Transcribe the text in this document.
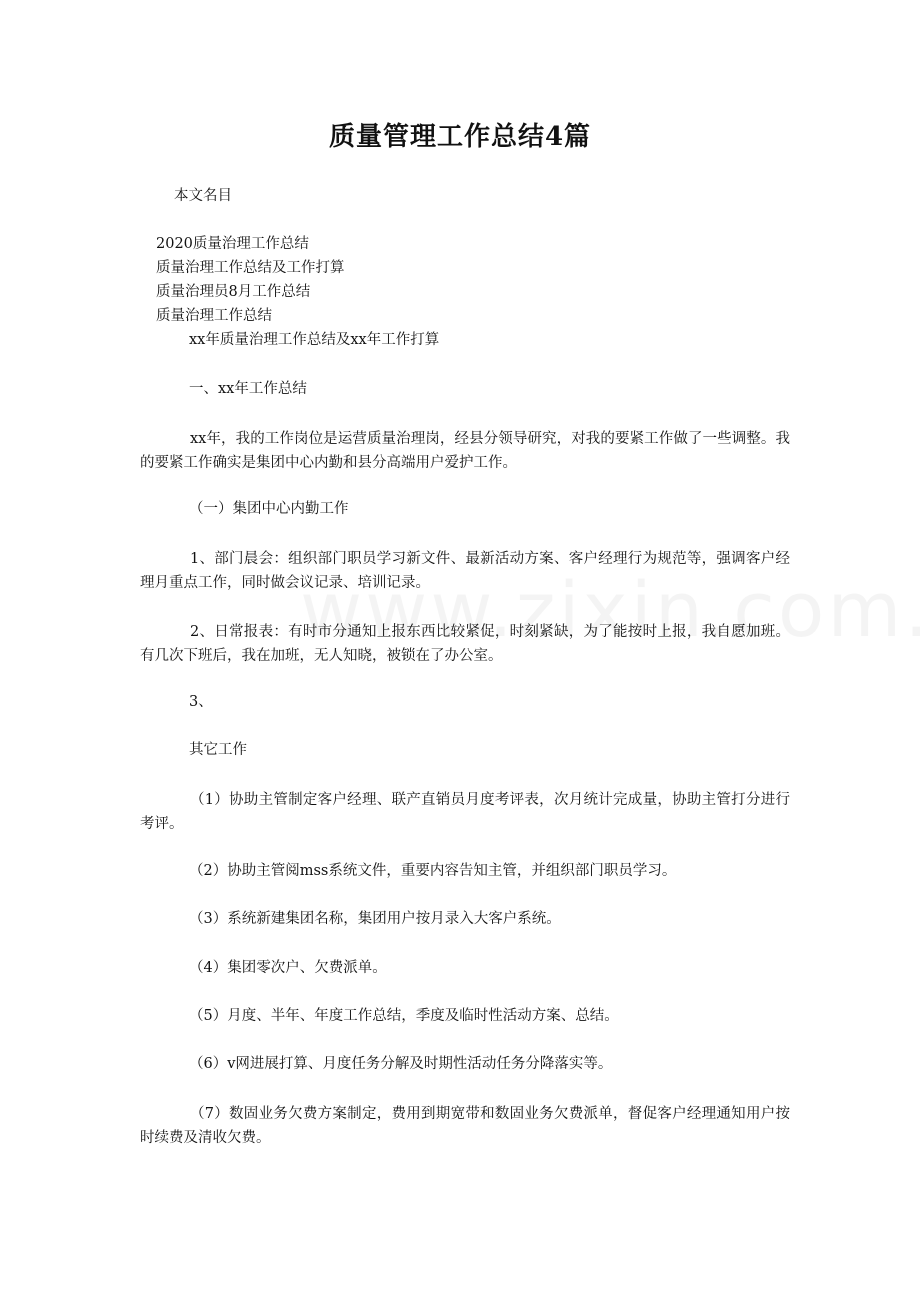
质量管理工作总结4篇
本文名目
2020质量治理工作总结
质量治理工作总结及工作打算
质量治理员8月工作总结
质量治理工作总结
xx年质量治理工作总结及xx年工作打算
一、xx年工作总结
xx年，我的工作岗位是运营质量治理岗，经县分领导研究，对我的要紧工作做了一些调整。我的要紧工作确实是集团中心内勤和县分高端用户爱护工作。
（一）集团中心内勤工作
1、部门晨会：组织部门职员学习新文件、最新活动方案、客户经理行为规范等，强调客户经理月重点工作，同时做会议记录、培训记录。
2、日常报表：有时市分通知上报东西比较紧促，时刻紧缺，为了能按时上报，我自愿加班。有几次下班后，我在加班，无人知晓，被锁在了办公室。
3、
其它工作
（1）协助主管制定客户经理、联产直销员月度考评表，次月统计完成量，协助主管打分进行考评。
（2）协助主管阅mss系统文件，重要内容告知主管，并组织部门职员学习。
（3）系统新建集团名称，集团用户按月录入大客户系统。
（4）集团零次户、欠费派单。
（5）月度、半年、年度工作总结，季度及临时性活动方案、总结。
（6）v网进展打算、月度任务分解及时期性活动任务分降落实等。
（7）数固业务欠费方案制定，费用到期宽带和数固业务欠费派单，督促客户经理通知用户按时续费及清收欠费。
